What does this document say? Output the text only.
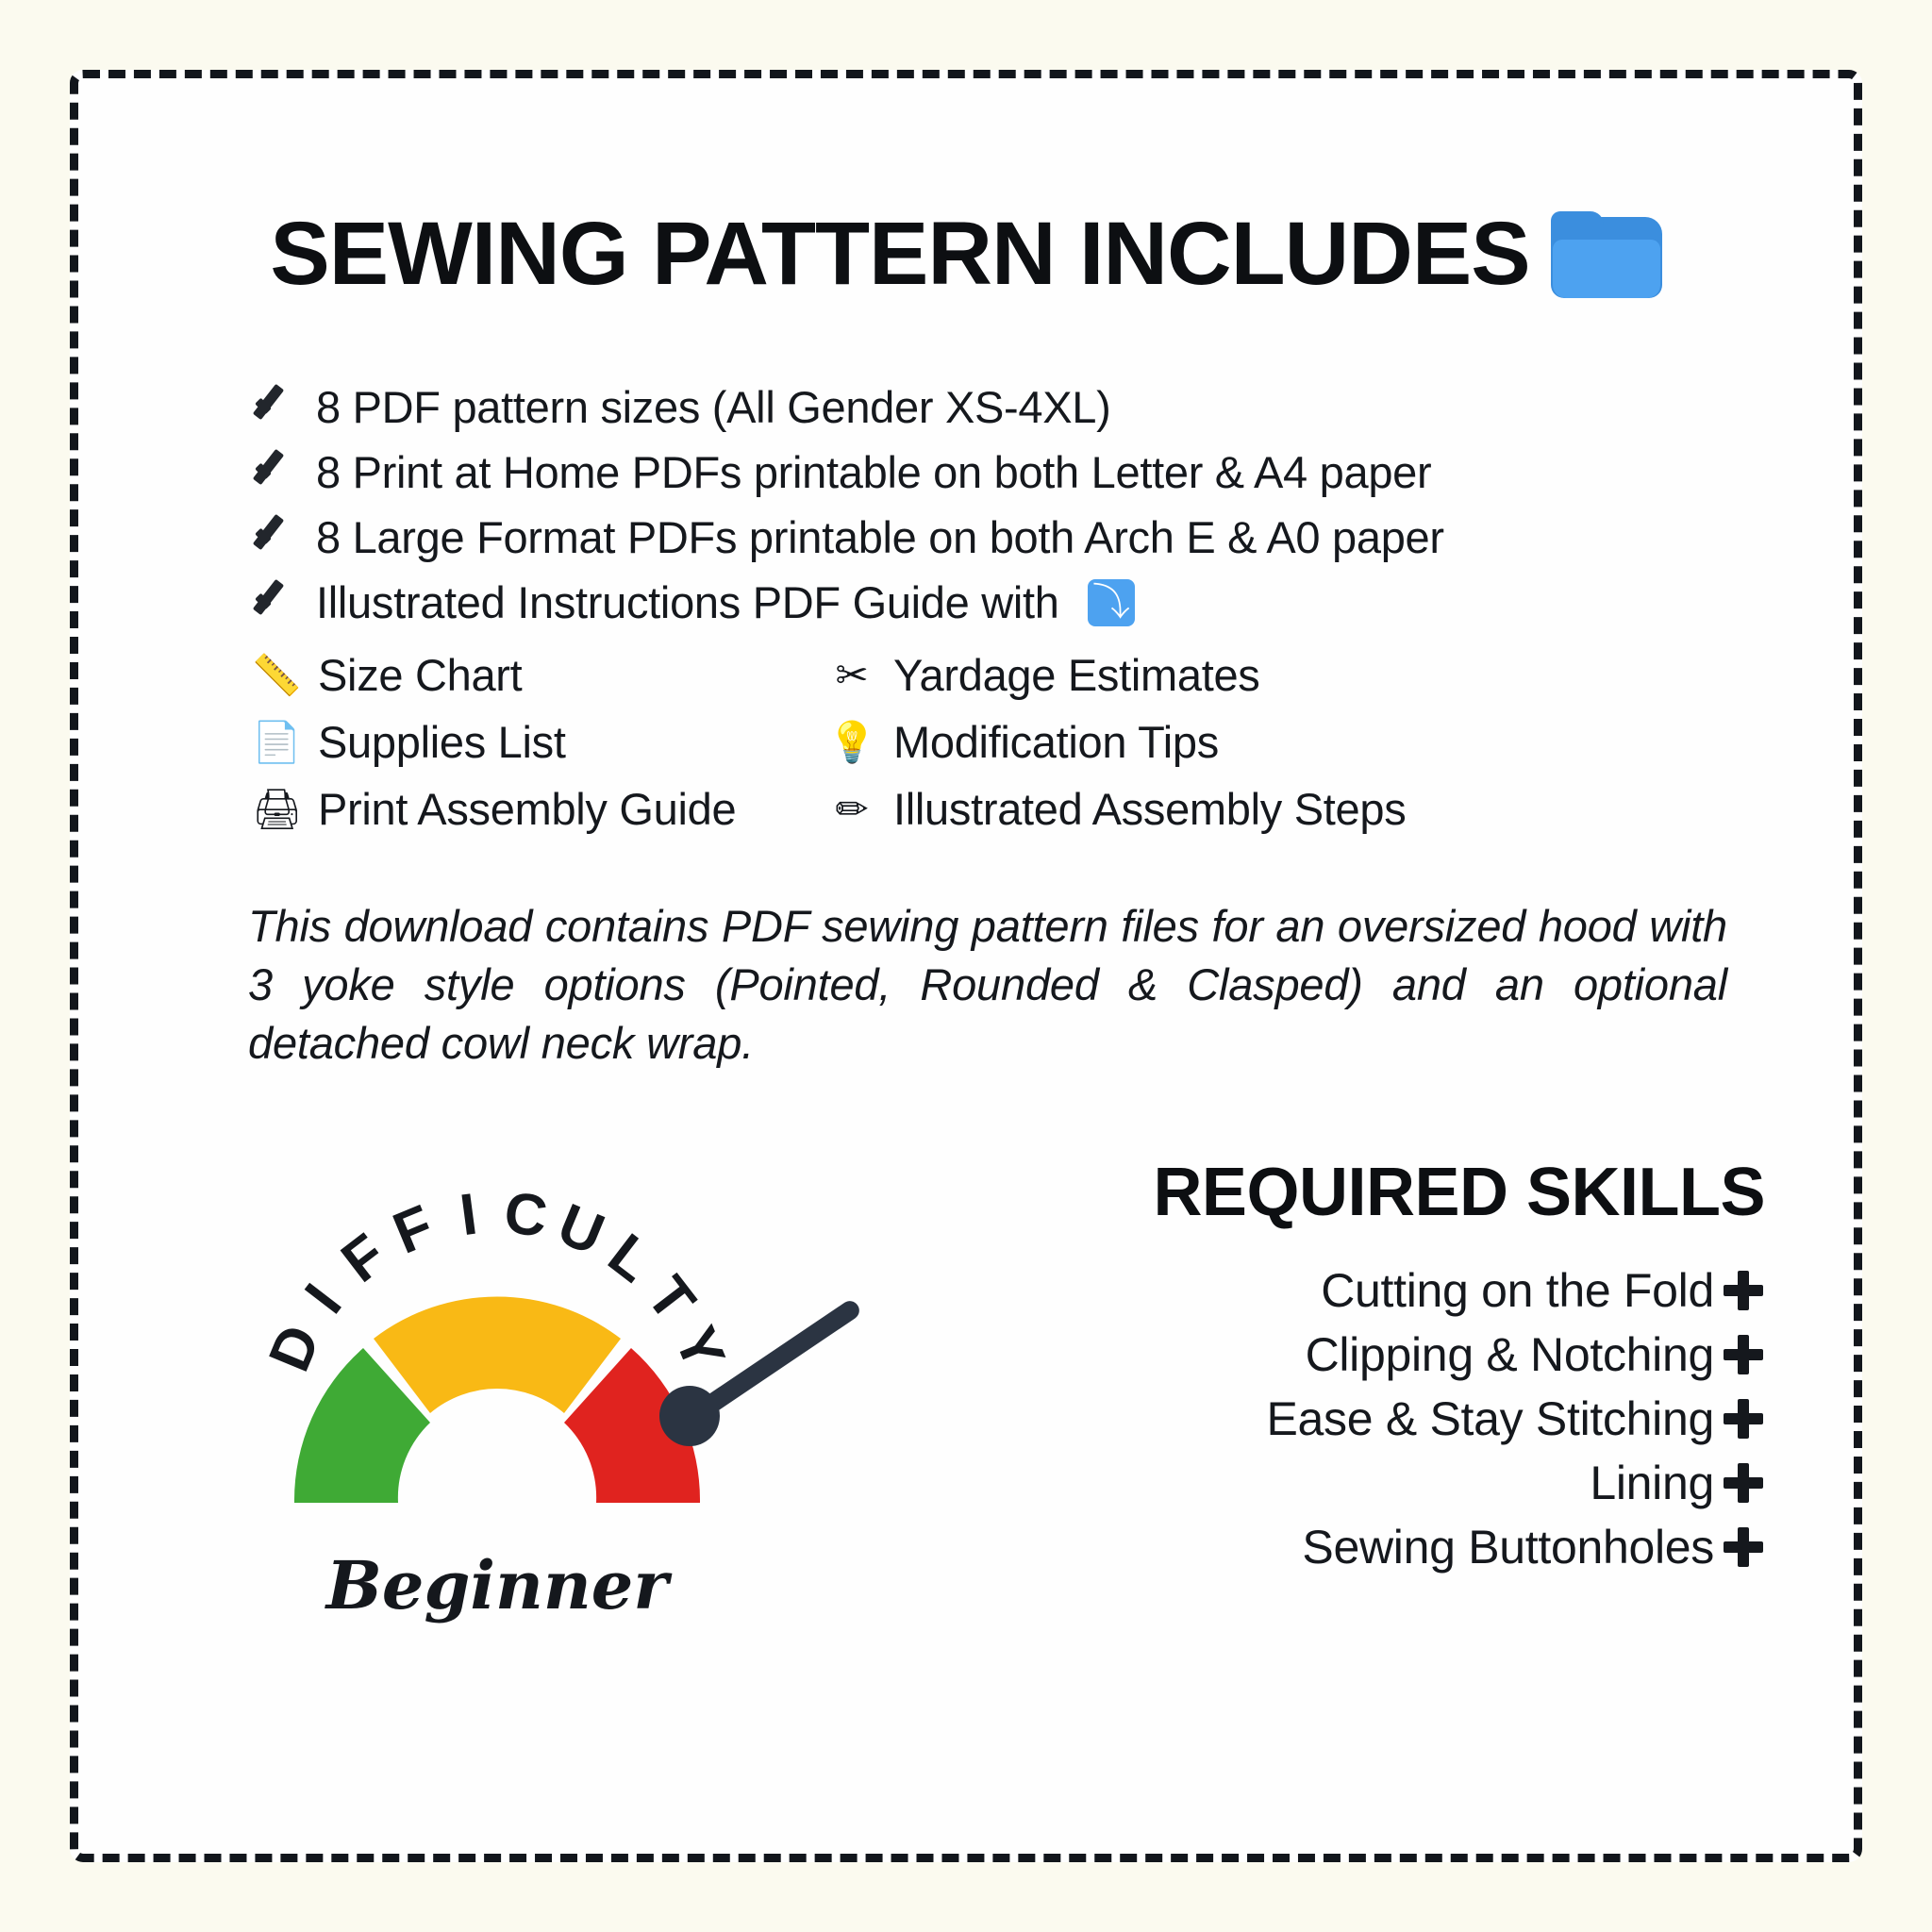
SEWING PATTERN INCLUDES
8 PDF pattern sizes (All Gender XS-4XL)
8 Print at Home PDFs printable on both Letter & A4 paper
8 Large Format PDFs printable on both Arch E & A0 paper
Illustrated Instructions PDF Guide with
⤵
📏 Size Chart	✂ Yardage Estimates
📄 Supplies List	💡 Modification Tips
🖨 Print Assembly Guide	✏ Illustrated Assembly Steps
This download contains PDF sewing pattern files for an oversized hood with 3 yoke style options (Pointed, Rounded & Clasped) and an optional detached cowl neck wrap.
D
I
F
F I C
U
L
T
Y
Beginner
REQUIRED SKILLS
Cutting on the Fold
Clipping & Notching
Ease & Stay Stitching
Lining
Sewing Buttonholes
